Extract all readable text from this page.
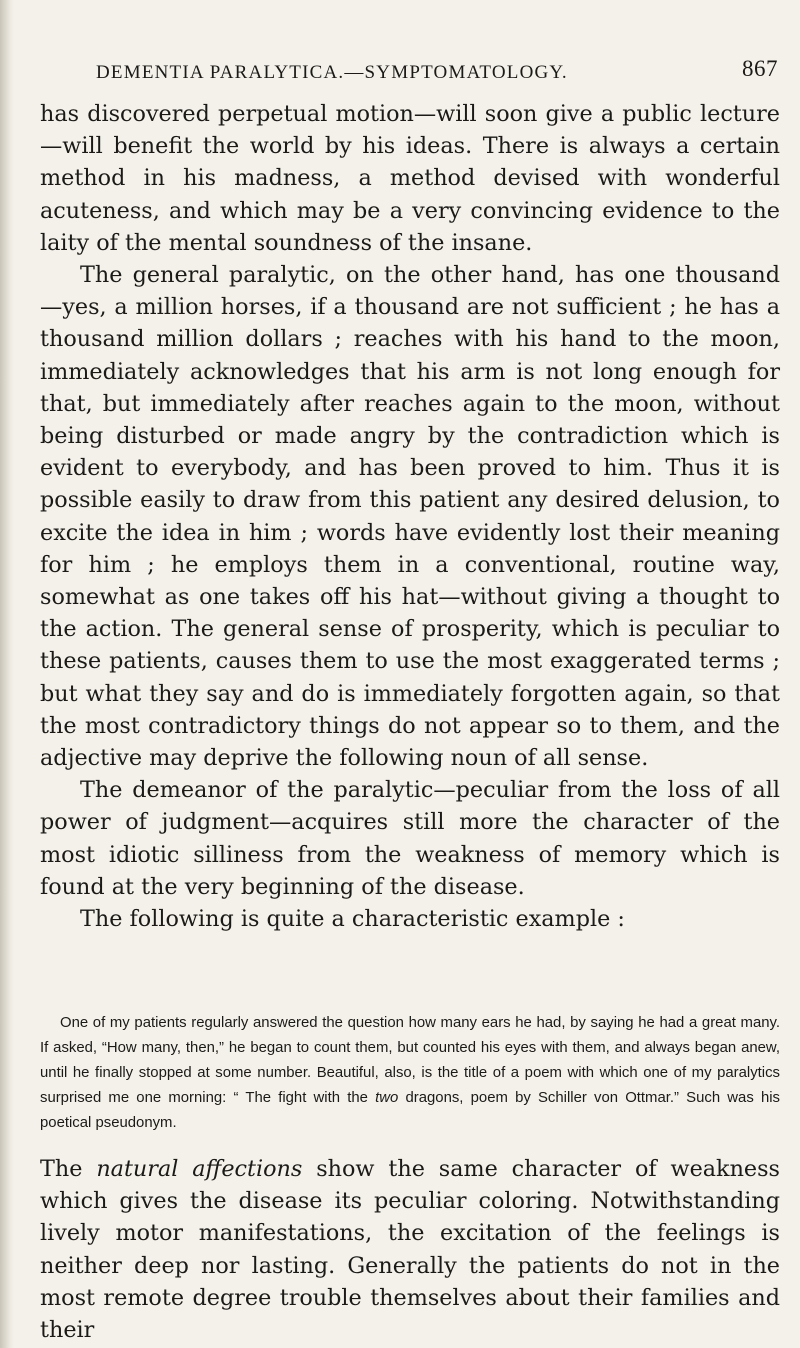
DEMENTIA PARALYTICA.—SYMPTOMATOLOGY.	867

has discovered perpetual motion—will soon give a public lecture —will benefit the world by his ideas. There is always a certain method in his madness, a method devised with wonderful acuteness, and which may be a very convincing evidence to the laity of the mental soundness of the insane.

The general paralytic, on the other hand, has one thousand —yes, a million horses, if a thousand are not sufficient ; he has a thousand million dollars ; reaches with his hand to the moon, immediately acknowledges that his arm is not long enough for that, but immediately after reaches again to the moon, without being disturbed or made angry by the contradiction which is evident to everybody, and has been proved to him. Thus it is possible easily to draw from this patient any desired delusion, to excite the idea in him ; words have evidently lost their meaning for him ; he employs them in a conventional, routine way, somewhat as one takes off his hat—without giving a thought to the action. The general sense of prosperity, which is peculiar to these patients, causes them to use the most exaggerated terms ; but what they say and do is immediately forgotten again, so that the most contradictory things do not appear so to them, and the adjective may deprive the following noun of all sense.

The demeanor of the paralytic—peculiar from the loss of all power of judgment—acquires still more the character of the most idiotic silliness from the weakness of memory which is found at the very beginning of the disease.

The following is quite a characteristic example :

One of my patients regularly answered the question how many ears he had, by saying he had a great many. If asked, “How many, then,” he began to count them, but counted his eyes with them, and always began anew, until he finally stopped at some number. Beautiful, also, is the title of a poem with which one of my paralytics surprised me one morning: “ The fight with the two dragons, poem by Schiller von Ottmar.” Such was his poetical pseudonym.

The natural affections show the same character of weakness which gives the disease its peculiar coloring. Notwithstanding lively motor manifestations, the excitation of the feelings is neither deep nor lasting. Generally the patients do not in the most remote degree trouble themselves about their families and their
